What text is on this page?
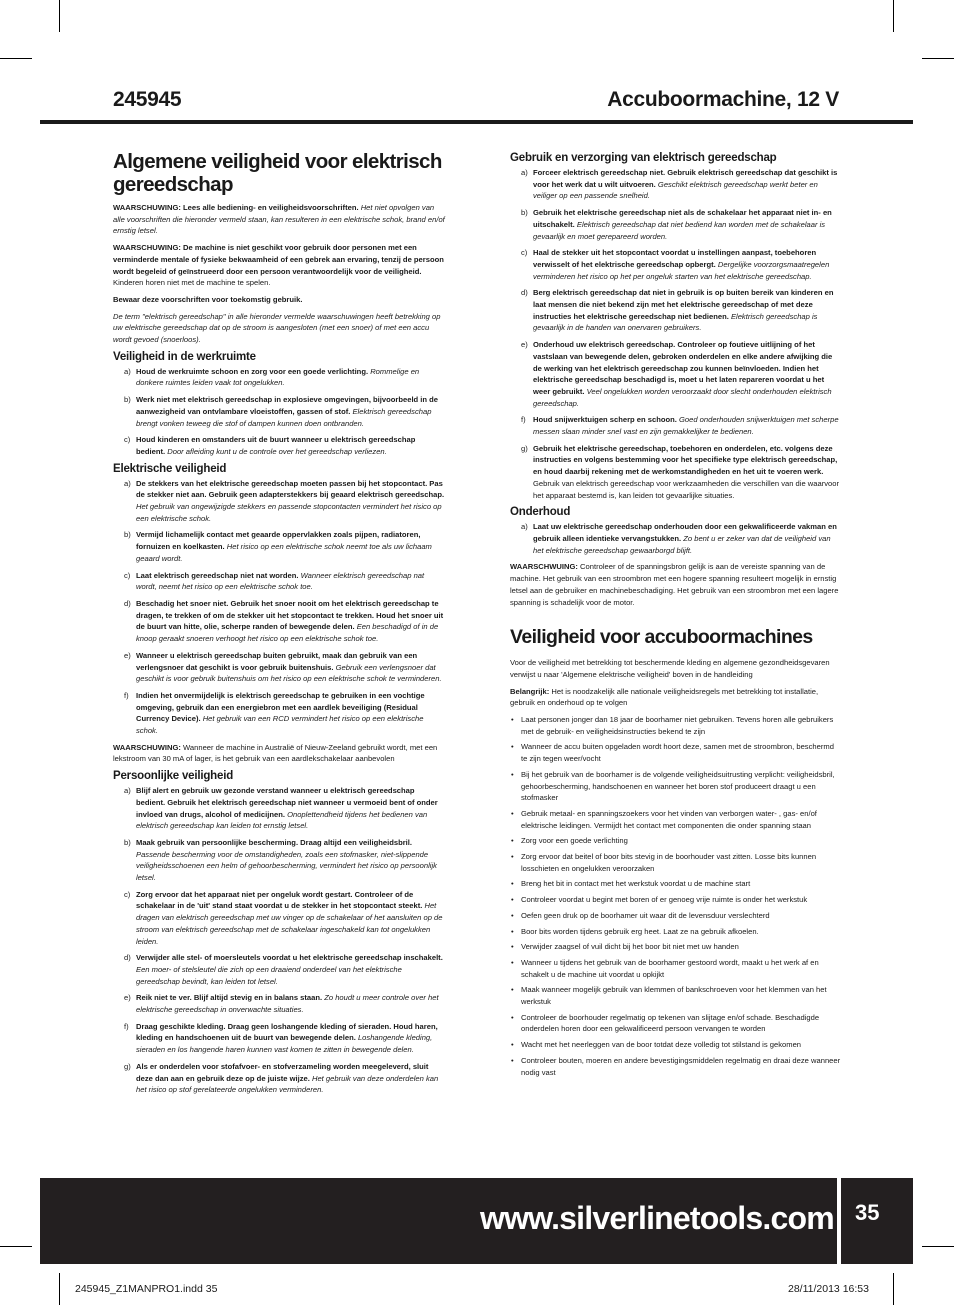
245945	Accuboormachine, 12 V
Algemene veiligheid voor elektrisch gereedschap

WAARSCHUWING: Lees alle bediening- en veiligheidsvoorschriften. Het niet opvolgen van alle voorschriften die hieronder vermeld staan, kan resulteren in een elektrische schok, brand en/of ernstig letsel.

WAARSCHUWING: De machine is niet geschikt voor gebruik door personen met een verminderde mentale of fysieke bekwaamheid of een gebrek aan ervaring, tenzij de persoon wordt begeleid of geïnstrueerd door een persoon verantwoordelijk voor de veiligheid. Kinderen horen niet met de machine te spelen.

Bewaar deze voorschriften voor toekomstig gebruik.

De term "elektrisch gereedschap" in alle hieronder vermelde waarschuwingen heeft betrekking op uw elektrische gereedschap dat op de stroom is aangesloten (met een snoer) of met een accu wordt gevoed (snoerloos).

Veiligheid in de werkruimte
a) Houd de werkruimte schoon en zorg voor een goede verlichting. Rommelige en donkere ruimtes leiden vaak tot ongelukken.
b) Werk niet met elektrisch gereedschap in explosieve omgevingen, bijvoorbeeld in de aanwezigheid van ontvlambare vloeistoffen, gassen of stof. Elektrisch gereedschap brengt vonken teweeg die stof of dampen kunnen doen ontbranden.
c) Houd kinderen en omstanders uit de buurt wanneer u elektrisch gereedschap bedient. Door afleiding kunt u de controle over het gereedschap verliezen.
Elektrische veiligheid
a) De stekkers van het elektrische gereedschap moeten passen bij het stopcontact. Pas de stekker niet aan. Gebruik geen adapterstekkers bij geaard elektrisch gereedschap. Het gebruik van ongewijzigde stekkers en passende stopcontacten vermindert het risico op een elektrische schok.
b) Vermijd lichamelijk contact met geaarde oppervlakken zoals pijpen, radiatoren, fornuizen en koelkasten. Het risico op een elektrische schok neemt toe als uw lichaam geaard wordt.
c) Laat elektrisch gereedschap niet nat worden. Wanneer elektrisch gereedschap nat wordt, neemt het risico op een elektrische schok toe.
d) Beschadig het snoer niet. Gebruik het snoer nooit om het elektrisch gereedschap te dragen, te trekken of om de stekker uit het stopcontact te trekken. Houd het snoer uit de buurt van hitte, olie, scherpe randen of bewegende delen. Een beschadigd of in de knoop geraakt snoeren verhoogt het risico op een elektrische schok toe.
e) Wanneer u elektrisch gereedschap buiten gebruikt, maak dan gebruik van een verlengsnoer dat geschikt is voor gebruik buitenshuis. Gebruik een verlengsnoer dat geschikt is voor gebruik buitenshuis om het risico op een elektrische schok te verminderen.
f) Indien het onvermijdelijk is elektrisch gereedschap te gebruiken in een vochtige omgeving, gebruik dan een energiebron met een aardlek beveiliging (Residual Currency Device). Het gebruik van een RCD vermindert het risico op een elektrische schok.

WAARSCHUWING: Wanneer de machine in Australië of Nieuw-Zeeland gebruikt wordt, met een lekstroom van 30 mA of lager, is het gebruik van een aardlekschakelaar aanbevolen

Persoonlijke veiligheid
a) Blijf alert en gebruik uw gezonde verstand wanneer u elektrisch gereedschap bedient. Gebruik het elektrisch gereedschap niet wanneer u vermoeid bent of onder invloed van drugs, alcohol of medicijnen. Onoplettendheid tijdens het bedienen van elektrisch gereedschap kan leiden tot ernstig letsel.
b) Maak gebruik van persoonlijke bescherming. Draag altijd een veiligheidsbril. Passende bescherming voor de omstandigheden, zoals een stofmasker, niet-slippende veiligheidsschoenen een helm of gehoorbescherming, vermindert het risico op persoonlijk letsel.
c) Zorg ervoor dat het apparaat niet per ongeluk wordt gestart. Controleer of de schakelaar in de 'uit' stand staat voordat u de stekker in het stopcontact steekt. Het dragen van elektrisch gereedschap met uw vinger op de schakelaar of het aansluiten op de stroom van elektrisch gereedschap met de schakelaar ingeschakeld kan tot ongelukken leiden.
d) Verwijder alle stel- of moersleutels voordat u het elektrische gereedschap inschakelt. Een moer- of stelsleutel die zich op een draaiend onderdeel van het elektrische gereedschap bevindt, kan leiden tot letsel.
e) Reik niet te ver. Blijf altijd stevig en in balans staan. Zo houdt u meer controle over het elektrische gereedschap in onverwachte situaties.
f) Draag geschikte kleding. Draag geen loshangende kleding of sieraden. Houd haren, kleding en handschoenen uit de buurt van bewegende delen. Loshangende kleding, sieraden en los hangende haren kunnen vast komen te zitten in bewegende delen.
g) Als er onderdelen voor stofafvoer- en stofverzameling worden meegeleverd, sluit deze dan aan en gebruik deze op de juiste wijze. Het gebruik van deze onderdelen kan het risico op stof gerelateerde ongelukken verminderen.
Gebruik en verzorging van elektrisch gereedschap
a) Forceer elektrisch gereedschap niet. Gebruik elektrisch gereedschap dat geschikt is voor het werk dat u wilt uitvoeren. Geschikt elektrisch gereedschap werkt beter en veiliger op een passende snelheid.
b) Gebruik het elektrische gereedschap niet als de schakelaar het apparaat niet in- en uitschakelt. Elektrisch gereedschap dat niet bediend kan worden met de schakelaar is gevaarlijk en moet gerepareerd worden.
c) Haal de stekker uit het stopcontact voordat u instellingen aanpast, toebehoren verwisselt of het elektrische gereedschap opbergt. Dergelijke voorzorgsmaatregelen verminderen het risico op het per ongeluk starten van het elektrische gereedschap.
d) Berg elektrisch gereedschap dat niet in gebruik is op buiten bereik van kinderen en laat mensen die niet bekend zijn met het elektrische gereedschap of met deze instructies het elektrische gereedschap niet bedienen. Elektrisch gereedschap is gevaarlijk in de handen van onervaren gebruikers.
e) Onderhoud uw elektrisch gereedschap. Controleer op foutieve uitlijning of het vastslaan van bewegende delen, gebroken onderdelen en elke andere afwijking die de werking van het elektrisch gereedschap zou kunnen beïnvloeden. Indien het elektrische gereedschap beschadigd is, moet u het laten repareren voordat u het weer gebruikt. Veel ongelukken worden veroorzaakt door slecht onderhouden elektrisch gereedschap.
f) Houd snijwerktuigen scherp en schoon. Goed onderhouden snijwerktuigen met scherpe messen slaan minder snel vast en zijn gemakkelijker te bedienen.
g) Gebruik het elektrische gereedschap, toebehoren en onderdelen, etc. volgens deze instructies en volgens bestemming voor het specifieke type elektrisch gereedschap, en houd daarbij rekening met de werkomstandigheden en het uit te voeren werk. Gebruik van elektrisch gereedschap voor werkzaamheden die verschillen van die waarvoor het apparaat bestemd is, kan leiden tot gevaarlijke situaties.
Onderhoud
a) Laat uw elektrische gereedschap onderhouden door een gekwalificeerde vakman en gebruik alleen identieke vervangstukken. Zo bent u er zeker van dat de veiligheid van het elektrische gereedschap gewaarborgd blijft.

WAARSCHWUING: Controleer of de spanningsbron gelijk is aan de vereiste spanning van de machine. Het gebruik van een stroombron met een hogere spanning resulteert mogelijk in ernstig letsel aan de gebruiker en machinebeschadiging. Het gebruik van een stroombron met een lagere spanning is schadelijk voor de motor.

Veiligheid voor accuboormachines

Voor de veiligheid met betrekking tot beschermende kleding en algemene gezondheidsgevaren verwijst u naar 'Algemene elektrische veiligheid' boven in de handleiding

Belangrijk: Het is noodzakelijk alle nationale veiligheidsregels met betrekking tot installatie, gebruik en onderhoud op te volgen

• Laat personen jonger dan 18 jaar de boorhamer niet gebruiken. Tevens horen alle gebruikers met de gebruik- en veiligheidsinstructies bekend te zijn
• Wanneer de accu buiten opgeladen wordt hoort deze, samen met de stroombron, beschermd te zijn tegen weer/vocht
• Bij het gebruik van de boorhamer is de volgende veiligheidsuitrusting verplicht: veiligheidsbril, gehoorbescherming, handschoenen en wanneer het boren stof produceert draagt u een stofmasker
• Gebruik metaal- en spanningszoekers voor het vinden van verborgen water- , gas- en/of elektrische leidingen. Vermijdt het contact met componenten die onder spanning staan
• Zorg voor een goede verlichting
• Zorg ervoor dat beitel of boor bits stevig in de boorhouder vast zitten. Losse bits kunnen losschieten en ongelukken veroorzaken
• Breng het bit in contact met het werkstuk voordat u de machine start
• Controleer voordat u begint met boren of er genoeg vrije ruimte is onder het werkstuk
• Oefen geen druk op de boorhamer uit waar dit de levensduur verslechterd
• Boor bits worden tijdens gebruik erg heet. Laat ze na gebruik afkoelen.
• Verwijder zaagsel of vuil dicht bij het boor bit niet met uw handen
• Wanneer u tijdens het gebruik van de boorhamer gestoord wordt, maakt u het werk af en schakelt u de machine uit voordat u opkijkt
• Maak wanneer mogelijk gebruik van klemmen of bankschroeven voor het klemmen van het werkstuk
• Controleer de boorhouder regelmatig op tekenen van slijtage en/of schade. Beschadigde onderdelen horen door een gekwalificeerd persoon vervangen te worden
• Wacht met het neerleggen van de boor totdat deze volledig tot stilstand is gekomen
• Controleer bouten, moeren en andere bevestigingsmiddelen regelmatig en draai deze wanneer nodig vast
www.silverlinetools.com 35
245945_Z1MANPRO1.indd 35	28/11/2013 16:53
